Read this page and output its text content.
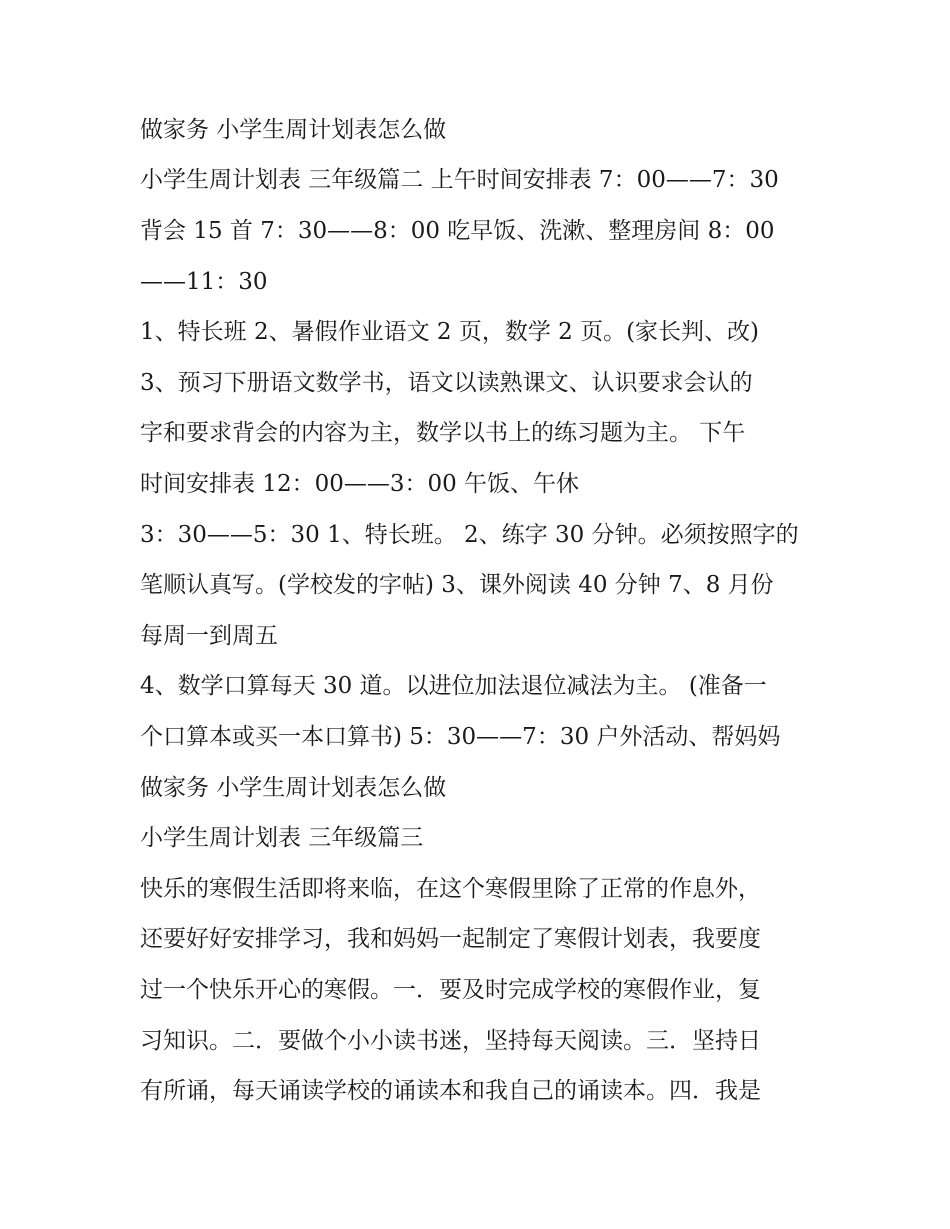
做家务 小学生周计划表怎么做
小学生周计划表 三年级篇二 上午时间安排表 7：00——7：30
背会 15 首 7：30——8：00 吃早饭、洗漱、整理房间 8：00
——11：30
1、特长班 2、暑假作业语文 2 页，数学 2 页。(家长判、改)
3、预习下册语文数学书，语文以读熟课文、认识要求会认的
字和要求背会的内容为主，数学以书上的练习题为主。 下午
时间安排表 12：00——3：00 午饭、午休
3：30——5：30 1、特长班。 2、练字 30 分钟。必须按照字的
笔顺认真写。(学校发的字帖) 3、课外阅读 40 分钟 7、8 月份
每周一到周五
4、数学口算每天 30 道。以进位加法退位减法为主。 (准备一
个口算本或买一本口算书) 5：30——7：30 户外活动、帮妈妈
做家务 小学生周计划表怎么做
小学生周计划表 三年级篇三
快乐的寒假生活即将来临，在这个寒假里除了正常的作息外，
还要好好安排学习，我和妈妈一起制定了寒假计划表，我要度
过一个快乐开心的寒假。一．要及时完成学校的寒假作业，复
习知识。二．要做个小小读书迷，坚持每天阅读。三．坚持日
有所诵，每天诵读学校的诵读本和我自己的诵读本。四．我是
